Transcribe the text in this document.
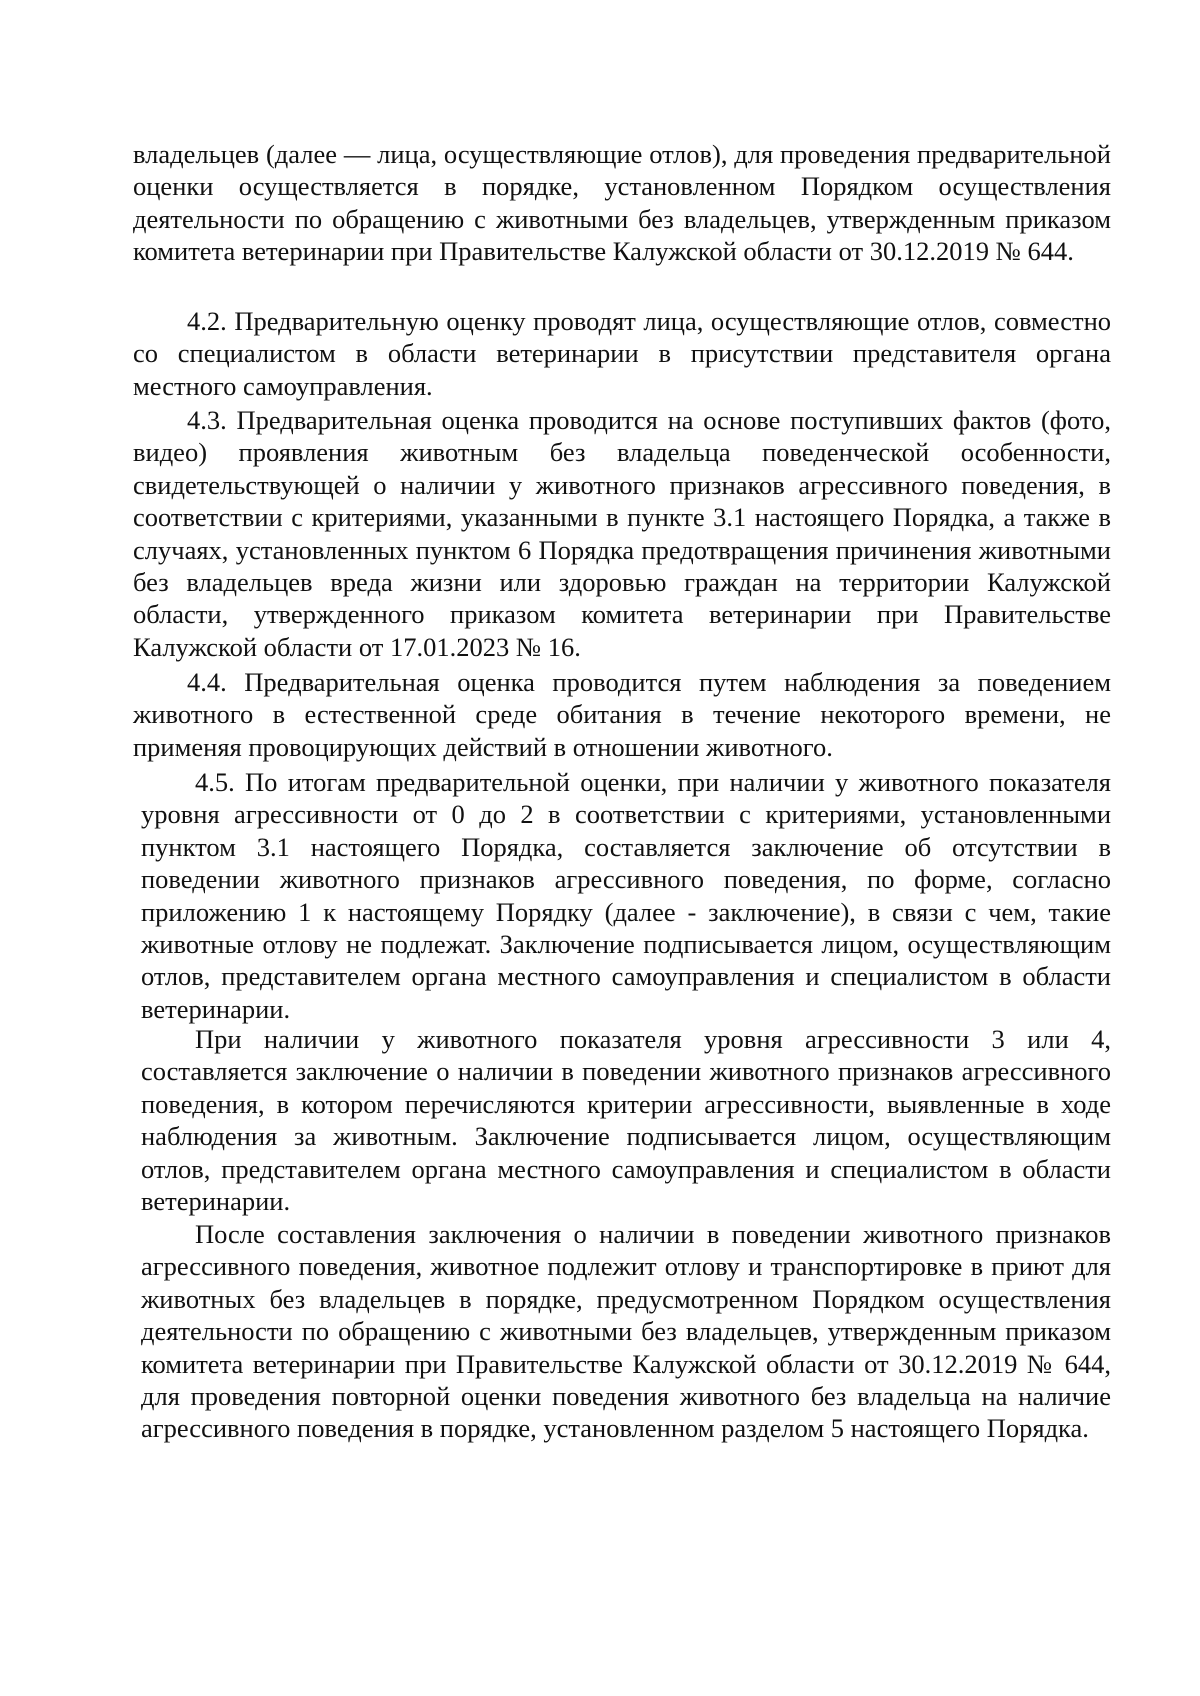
владельцев (далее — лица, осуществляющие отлов), для проведения предварительной оценки осуществляется в порядке, установленном Порядком осуществления деятельности по обращению с животными без владельцев, утвержденным приказом комитета ветеринарии при Правительстве Калужской области от 30.12.2019 № 644.

4.2. Предварительную оценку проводят лица, осуществляющие отлов, совместно со специалистом в области ветеринарии в присутствии представителя органа местного самоуправления.

4.3. Предварительная оценка проводится на основе поступивших фактов (фото, видео) проявления животным без владельца поведенческой особенности, свидетельствующей о наличии у животного признаков агрессивного поведения, в соответствии с критериями, указанными в пункте 3.1 настоящего Порядка, а также в случаях, установленных пунктом 6 Порядка предотвращения причинения животными без владельцев вреда жизни или здоровью граждан на территории Калужской области, утвержденного приказом комитета ветеринарии при Правительстве Калужской области от 17.01.2023 № 16.

4.4. Предварительная оценка проводится путем наблюдения за поведением животного в естественной среде обитания в течение некоторого времени, не применяя провоцирующих действий в отношении животного.

4.5. По итогам предварительной оценки, при наличии у животного показателя уровня агрессивности от 0 до 2 в соответствии с критериями, установленными пунктом 3.1 настоящего Порядка, составляется заключение об отсутствии в поведении животного признаков агрессивного поведения, по форме, согласно приложению 1 к настоящему Порядку (далее - заключение), в связи с чем, такие животные отлову не подлежат. Заключение подписывается лицом, осуществляющим отлов, представителем органа местного самоуправления и специалистом в области ветеринарии.

При наличии у животного показателя уровня агрессивности 3 или 4, составляется заключение о наличии в поведении животного признаков агрессивного поведения, в котором перечисляются критерии агрессивности, выявленные в ходе наблюдения за животным. Заключение подписывается лицом, осуществляющим отлов, представителем органа местного самоуправления и специалистом в области ветеринарии.

После составления заключения о наличии в поведении животного признаков агрессивного поведения, животное подлежит отлову и транспортировке в приют для животных без владельцев в порядке, предусмотренном Порядком осуществления деятельности по обращению с животными без владельцев, утвержденным приказом комитета ветеринарии при Правительстве Калужской области от 30.12.2019 № 644, для проведения повторной оценки поведения животного без владельца на наличие агрессивного поведения в порядке, установленном разделом 5 настоящего Порядка.
